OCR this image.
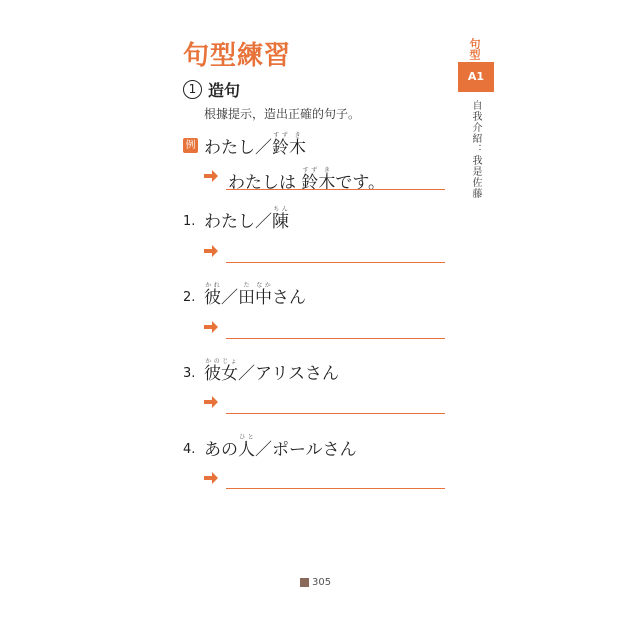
句型練習
1 造句
根據提示，造出正確的句子。
例 わたし／鈴すず木き
わたしは 鈴すず木きです。
1. わたし／陳ちん
2. 彼かれ／田た中なかさん
3. 彼女かのじょ／アリスさん
4. あの人ひと／ポールさん
句型
A1
自我介紹：我是佐藤
305
